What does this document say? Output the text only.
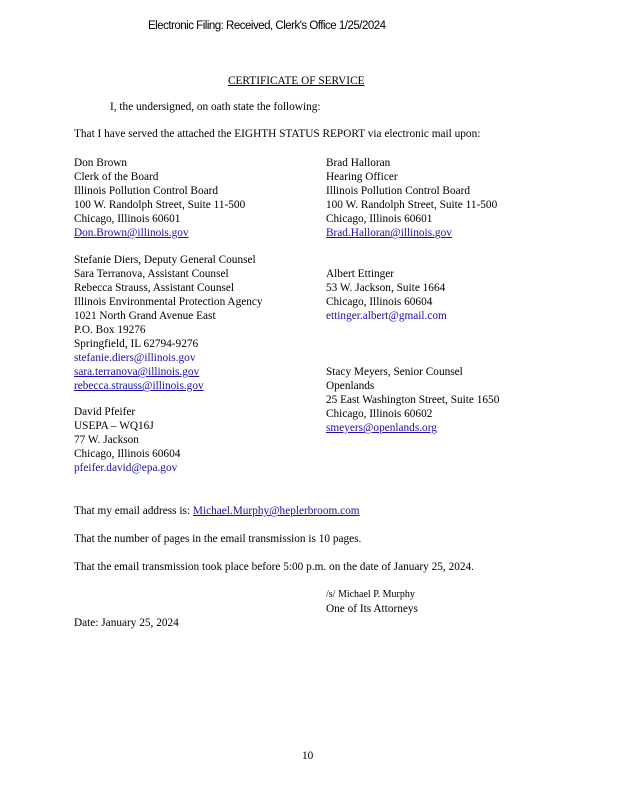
Electronic Filing: Received, Clerk's Office 1/25/2024
CERTIFICATE OF SERVICE
I, the undersigned, on oath state the following:
That I have served the attached the EIGHTH STATUS REPORT via electronic mail upon:
Don Brown
Clerk of the Board
Illinois Pollution Control Board
100 W. Randolph Street, Suite 11-500
Chicago, Illinois 60601
Don.Brown@illinois.gov
Brad Halloran
Hearing Officer
Illinois Pollution Control Board
100 W. Randolph Street, Suite 11-500
Chicago, Illinois 60601
Brad.Halloran@illinois.gov
Stefanie Diers, Deputy General Counsel
Sara Terranova, Assistant Counsel
Rebecca Strauss, Assistant Counsel
Illinois Environmental Protection Agency
1021 North Grand Avenue East
P.O. Box 19276
Springfield, IL 62794-9276
stefanie.diers@illinois.gov
sara.terranova@illinois.gov
rebecca.strauss@illinois.gov
Albert Ettinger
53 W. Jackson, Suite 1664
Chicago, Illinois 60604
ettinger.albert@gmail.com
Stacy Meyers, Senior Counsel
Openlands
25 East Washington Street, Suite 1650
Chicago, Illinois 60602
smeyers@openlands.org
David Pfeifer
USEPA – WQ16J
77 W. Jackson
Chicago, Illinois 60604
pfeifer.david@epa.gov
That my email address is: Michael.Murphy@heplerbroom.com
That the number of pages in the email transmission is 10 pages.
That the email transmission took place before 5:00 p.m. on the date of January 25, 2024.
/s/ Michael P. Murphy
One of Its Attorneys
Date: January 25, 2024
10
